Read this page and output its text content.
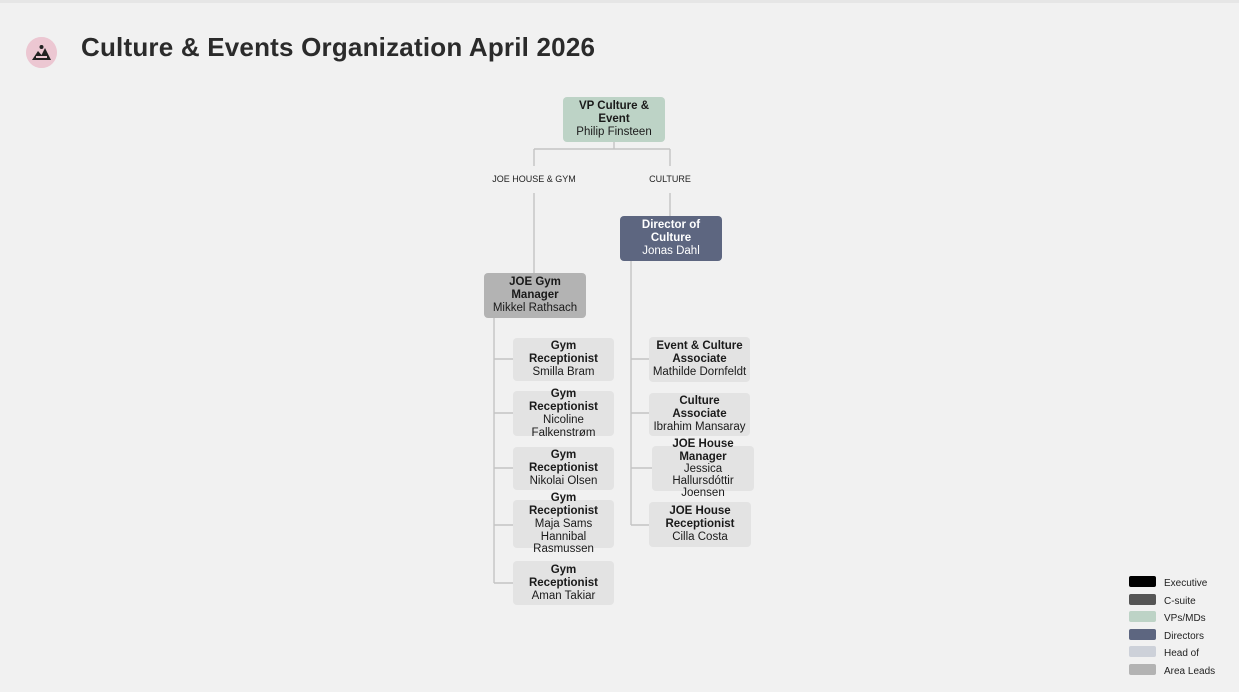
Culture & Events Organization April 2026
VP Culture & Event
Philip Finsteen
JOE HOUSE & GYM	CULTURE
Director of Culture
Jonas Dahl
JOE Gym Manager
Mikkel Rathsach
Gym Receptionist
Smilla Bram
Gym Receptionist
Nicoline Falkenstrøm
Gym Receptionist
Nikolai Olsen
Gym Receptionist
Maja Sams Hannibal Rasmussen
Gym Receptionist
Aman Takiar
Event & Culture Associate
Mathilde Dornfeldt
Culture Associate
Ibrahim Mansaray
JOE House Manager
Jessica Hallursdóttir Joensen
JOE House Receptionist
Cilla Costa
Executive
C-suite
VPs/MDs
Directors
Head of
Area Leads
